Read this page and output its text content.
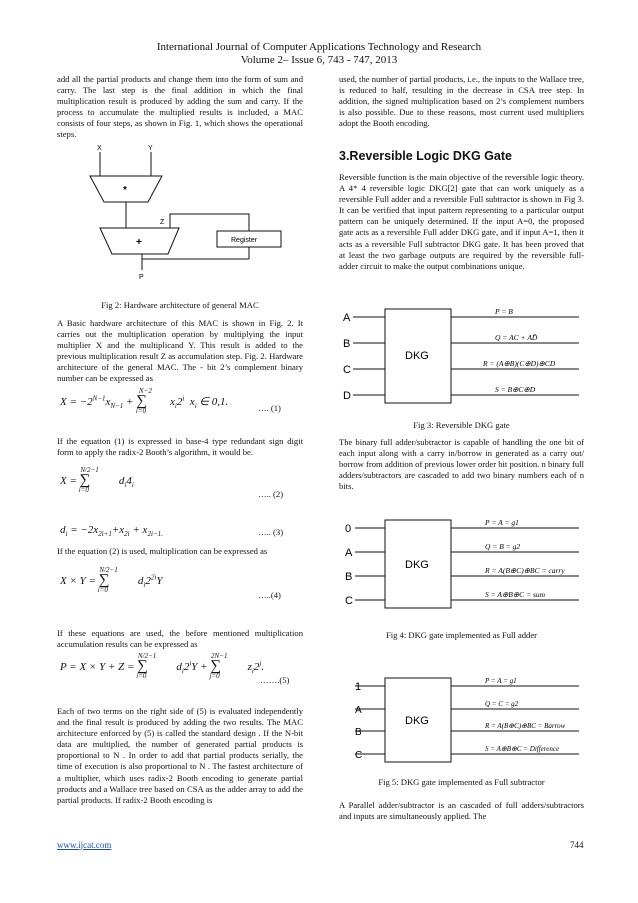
International Journal of Computer Applications Technology and Research
Volume 2– Issue 6, 743 - 747, 2013

add all the partial products and change them into the form of sum and carry. The last step is the final addition in which the final multiplication result is produced by adding the sum and carry. If the process to accumulate the multiplied results is included, a MAC consists of four steps, as shown in Fig. 1, which shows the operational steps.

X	Y
*
Z
+	Register
P
Fig 2: Hardware architecture of general MAC

A Basic hardware architecture of this MAC is shown in Fig. 2. It carries out the multiplication operation by multiplying the input multiplier X and the multiplicand Y. This result is added to the previous multiplication result Z as accumulation step. Fig. 2. Hardware architecture of the general MAC. The - bit 2’s complement binary number can be expressed as

$X = -2^{N-1}x_{N-1} + \sum^{N-2}_{i=0}x_i2^i$  $x_i$ ∈ 0,1.	…. (1)

If the equation (1) is expressed in base-4 type redundant sign digit form to apply the radix-2 Booth’s algorithm, it would be.

$X = \sum^{N/2-1}_{i=0}d_i4_i$
….. (2)
$d_i = -2x_{2i+1}+x_{2i} + x_{2i-1.}$	….. (3)

If the equation (2) is used, multiplication can be expressed as

$X \times Y = \sum^{N/2-1}_{i=0}d_i2^{2i}Y$
…..(4)

If these equations are used, the before mentioned multiplication accumulation results can be expressed as

$P = X \times Y + Z = \sum^{N/2-1}_{i=0}d_i2^iY + \sum^{2N-1}_{j=0}z_i2^j$.
…….(5)

Each of two terms on the right side of (5) is evaluated independently and the final result is produced by adding the two results. The MAC architecture enforced by (5) is called the standard design . If the N-bit data are multiplied, the number of generated partial products is proportional to N . In order to add that partial products serially, the time of execution is also proportional to N . The fastest architecture of a multiplier, which uses radix-2 Booth encoding to generate partial products and a Wallace tree based on CSA as the adder array to add the partial products. If radix-2 Booth encoding is

used, the number of partial products, i.e., the inputs to the Wallace tree, is reduced to half, resulting in the decrease in CSA tree step. In addition, the signed multiplication based on 2’s complement numbers is also possible. Due to these reasons, most current used multipliers adopt the Booth encoding.

3.Reversible Logic DKG Gate

Reversible function is the main objective of the reversible logic theory. A 4* 4 reversible logic DKG[2] gate that can work uniquely as a reversible Full adder and a reversible Full subtractor is shown in Fig 3. It can be verified that input pattern representing to a particular output pattern can be uniquely determined. If the input A=0, the proposed gate acts as a reversible Full adder DKG gate, and if input A=1, then it acts as a reversible Full subtractor DKG gate. It has been proved that at least the two garbage outputs are required by the reversible full-adder circuit to make the output combinations unique.

A
B
C
D
DKG
P = B
Q = AC + AD̄
R = (A⊕B)(C⊕D)⊕CD
S = B⊕C⊕D
Fig 3: Reversible DKG gate

The binary full adder/subtractor is capable of handling the one bit of each input along with a carry in/borrow in generated as a carry out/ borrow from addition of previous lower order bit position. n binary full adders/subtractors are cascaded to add two binary numbers each of n bits.

0
A
B
C
DKG
P = A = g1
Q = B = g2
R = A(B⊕C)⊕BC = carry
S = A⊕B⊕C = sum
Fig 4: DKG gate implemented as Full adder
1
A
B
C
DKG
P = A = g1
Q = C = g2
R = A(B⊕C)⊕BC = Barrow
S = A⊕B⊕C = Difference
Fig 5: DKG gate implemented as Full subtractor

A Parallel adder/subtractor is an cascaded of full adders/subtractors and inputs are simultaneously applied. The

www.ijcat.com	744
